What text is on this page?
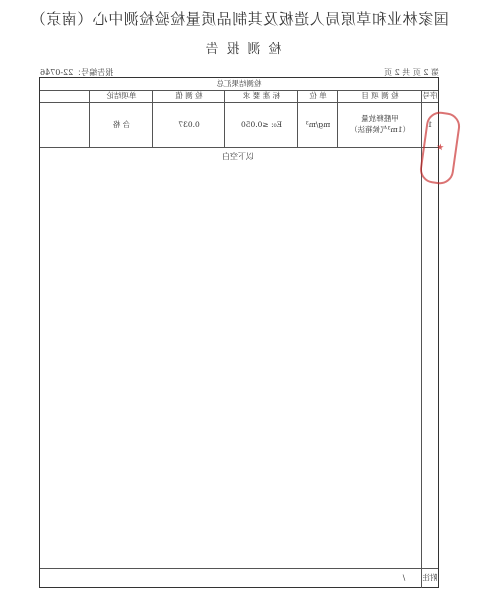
国家林业和草原局人造板及其制品质量检验检测中心（南京）
检测报告
第 2 页 共 2 页
报告编号：22-0746
检测结果汇总
序号
检 测 项 目
单 位
标 准 要 求
检 测 值
单项结论
1
甲醛释放量
（1m³气候箱法）
mg/m³
E₀: ≤0.050
0.037
合 格
以下空白
附注
/
★
